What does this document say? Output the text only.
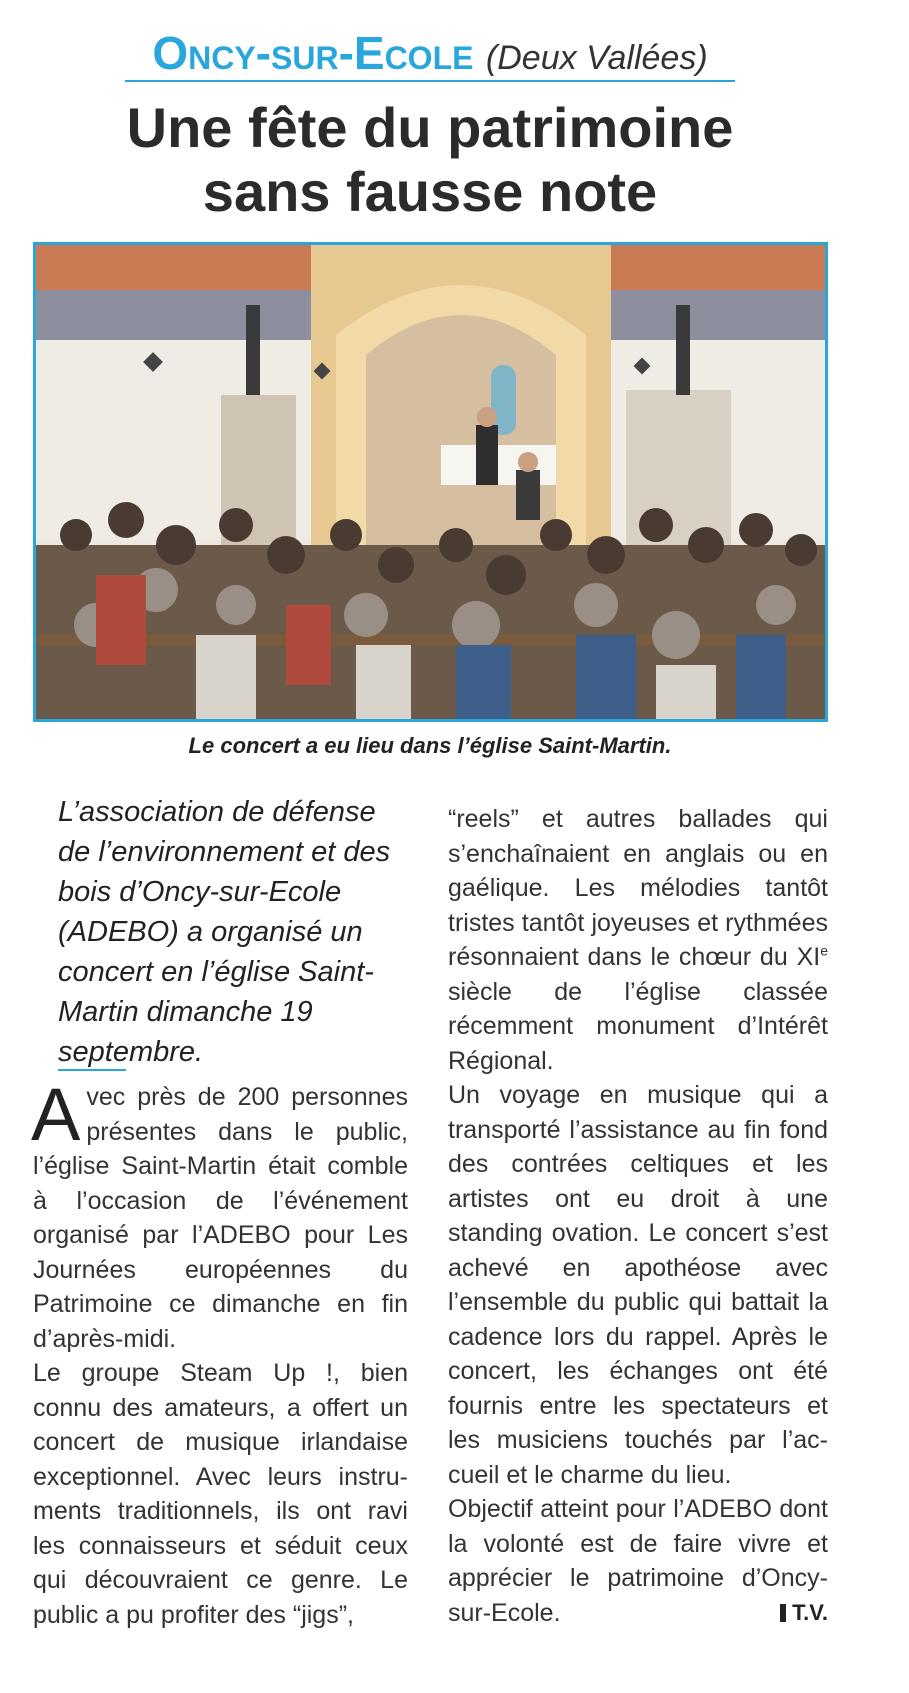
Oncy-sur-Ecole (Deux Vallées)
Une fête du patrimoine
sans fausse note
Le concert a eu lieu dans l’église Saint-Martin.
L’association de défense de l’environnement et des bois d’Oncy-sur-Ecole (ADEBO) a organisé un concert en l’église Saint-Martin dimanche 19 septembre.

Avec près de 200 personnes présentes dans le public, l’église Saint-Martin était comble à l’occasion de l’événement organisé par l’ADEBO pour Les Journées européennes du Patrimoine ce dimanche en fin d’après-midi.

Le groupe Steam Up !, bien connu des amateurs, a offert un concert de musique irlandaise exceptionnel. Avec leurs instruments traditionnels, ils ont ravi les connaisseurs et séduit ceux qui découvraient ce genre. Le public a pu profiter des “jigs”,

“reels” et autres ballades qui s’enchaînaient en anglais ou en gaélique. Les mélodies tantôt tristes tantôt joyeuses et rythmées résonnaient dans le chœur du XIe siècle de l’église classée récemment monument d’Intérêt Régional.

Un voyage en musique qui a transporté l’assistance au fin fond des contrées celtiques et les artistes ont eu droit à une standing ovation. Le concert s’est achevé en apothéose avec l’ensemble du public qui battait la cadence lors du rappel. Après le concert, les échanges ont été fournis entre les spectateurs et les musiciens touchés par l’accueil et le charme du lieu.

Objectif atteint pour l’ADEBO dont la volonté est de faire vivre et apprécier le patrimoine d’Oncy-sur-Ecole.	T.V.
